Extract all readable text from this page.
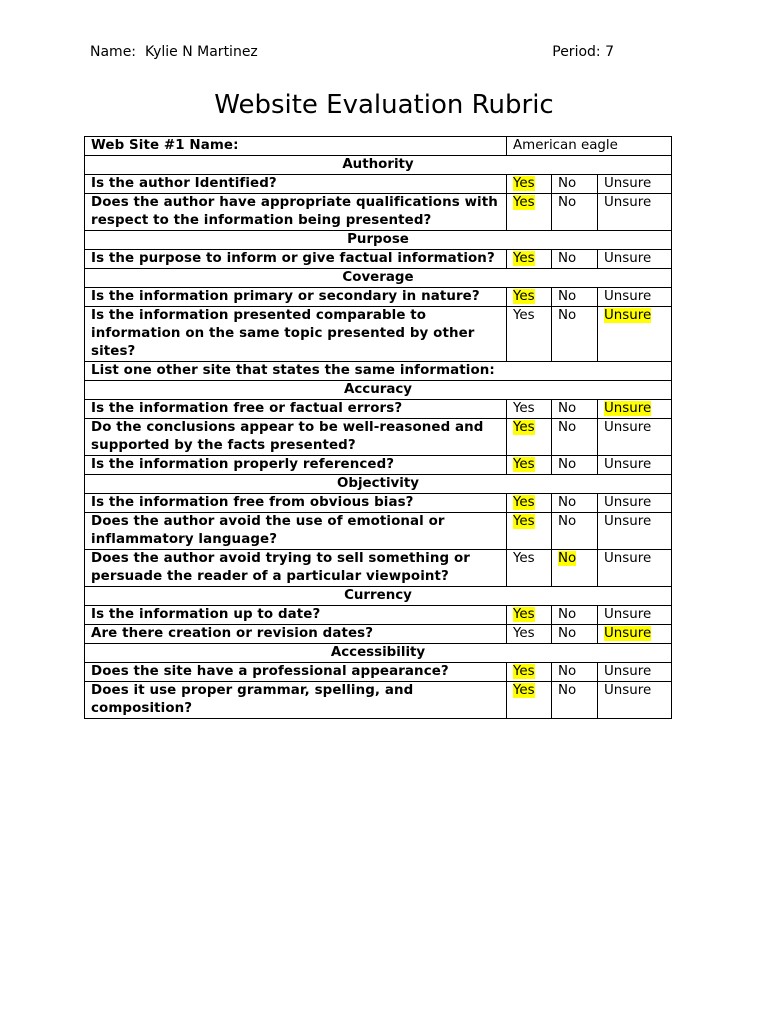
Name: Kylie N Martinez	Period: 7
Website Evaluation Rubric
Web Site #1 Name:	American eagle		
Authority			
Is the author Identified?	Yes	No	Unsure
Does the author have appropriate qualifications with respect to the information being presented?	Yes	No	Unsure
Purpose			
Is the purpose to inform or give factual information?	Yes	No	Unsure
Coverage			
Is the information primary or secondary in nature?	Yes	No	Unsure
Is the information presented comparable to information on the same topic presented by other sites?	Yes	No	Unsure
List one other site that states the same information:			
Accuracy			
Is the information free or factual errors?	Yes	No	Unsure
Do the conclusions appear to be well-reasoned and supported by the facts presented?	Yes	No	Unsure
Is the information properly referenced?	Yes	No	Unsure
Objectivity			
Is the information free from obvious bias?	Yes	No	Unsure
Does the author avoid the use of emotional or inflammatory language?	Yes	No	Unsure
Does the author avoid trying to sell something or persuade the reader of a particular viewpoint?	Yes	No	Unsure
Currency			
Is the information up to date?	Yes	No	Unsure
Are there creation or revision dates?	Yes	No	Unsure
Accessibility			
Does the site have a professional appearance?	Yes	No	Unsure
Does it use proper grammar, spelling, and composition?	Yes	No	Unsure
